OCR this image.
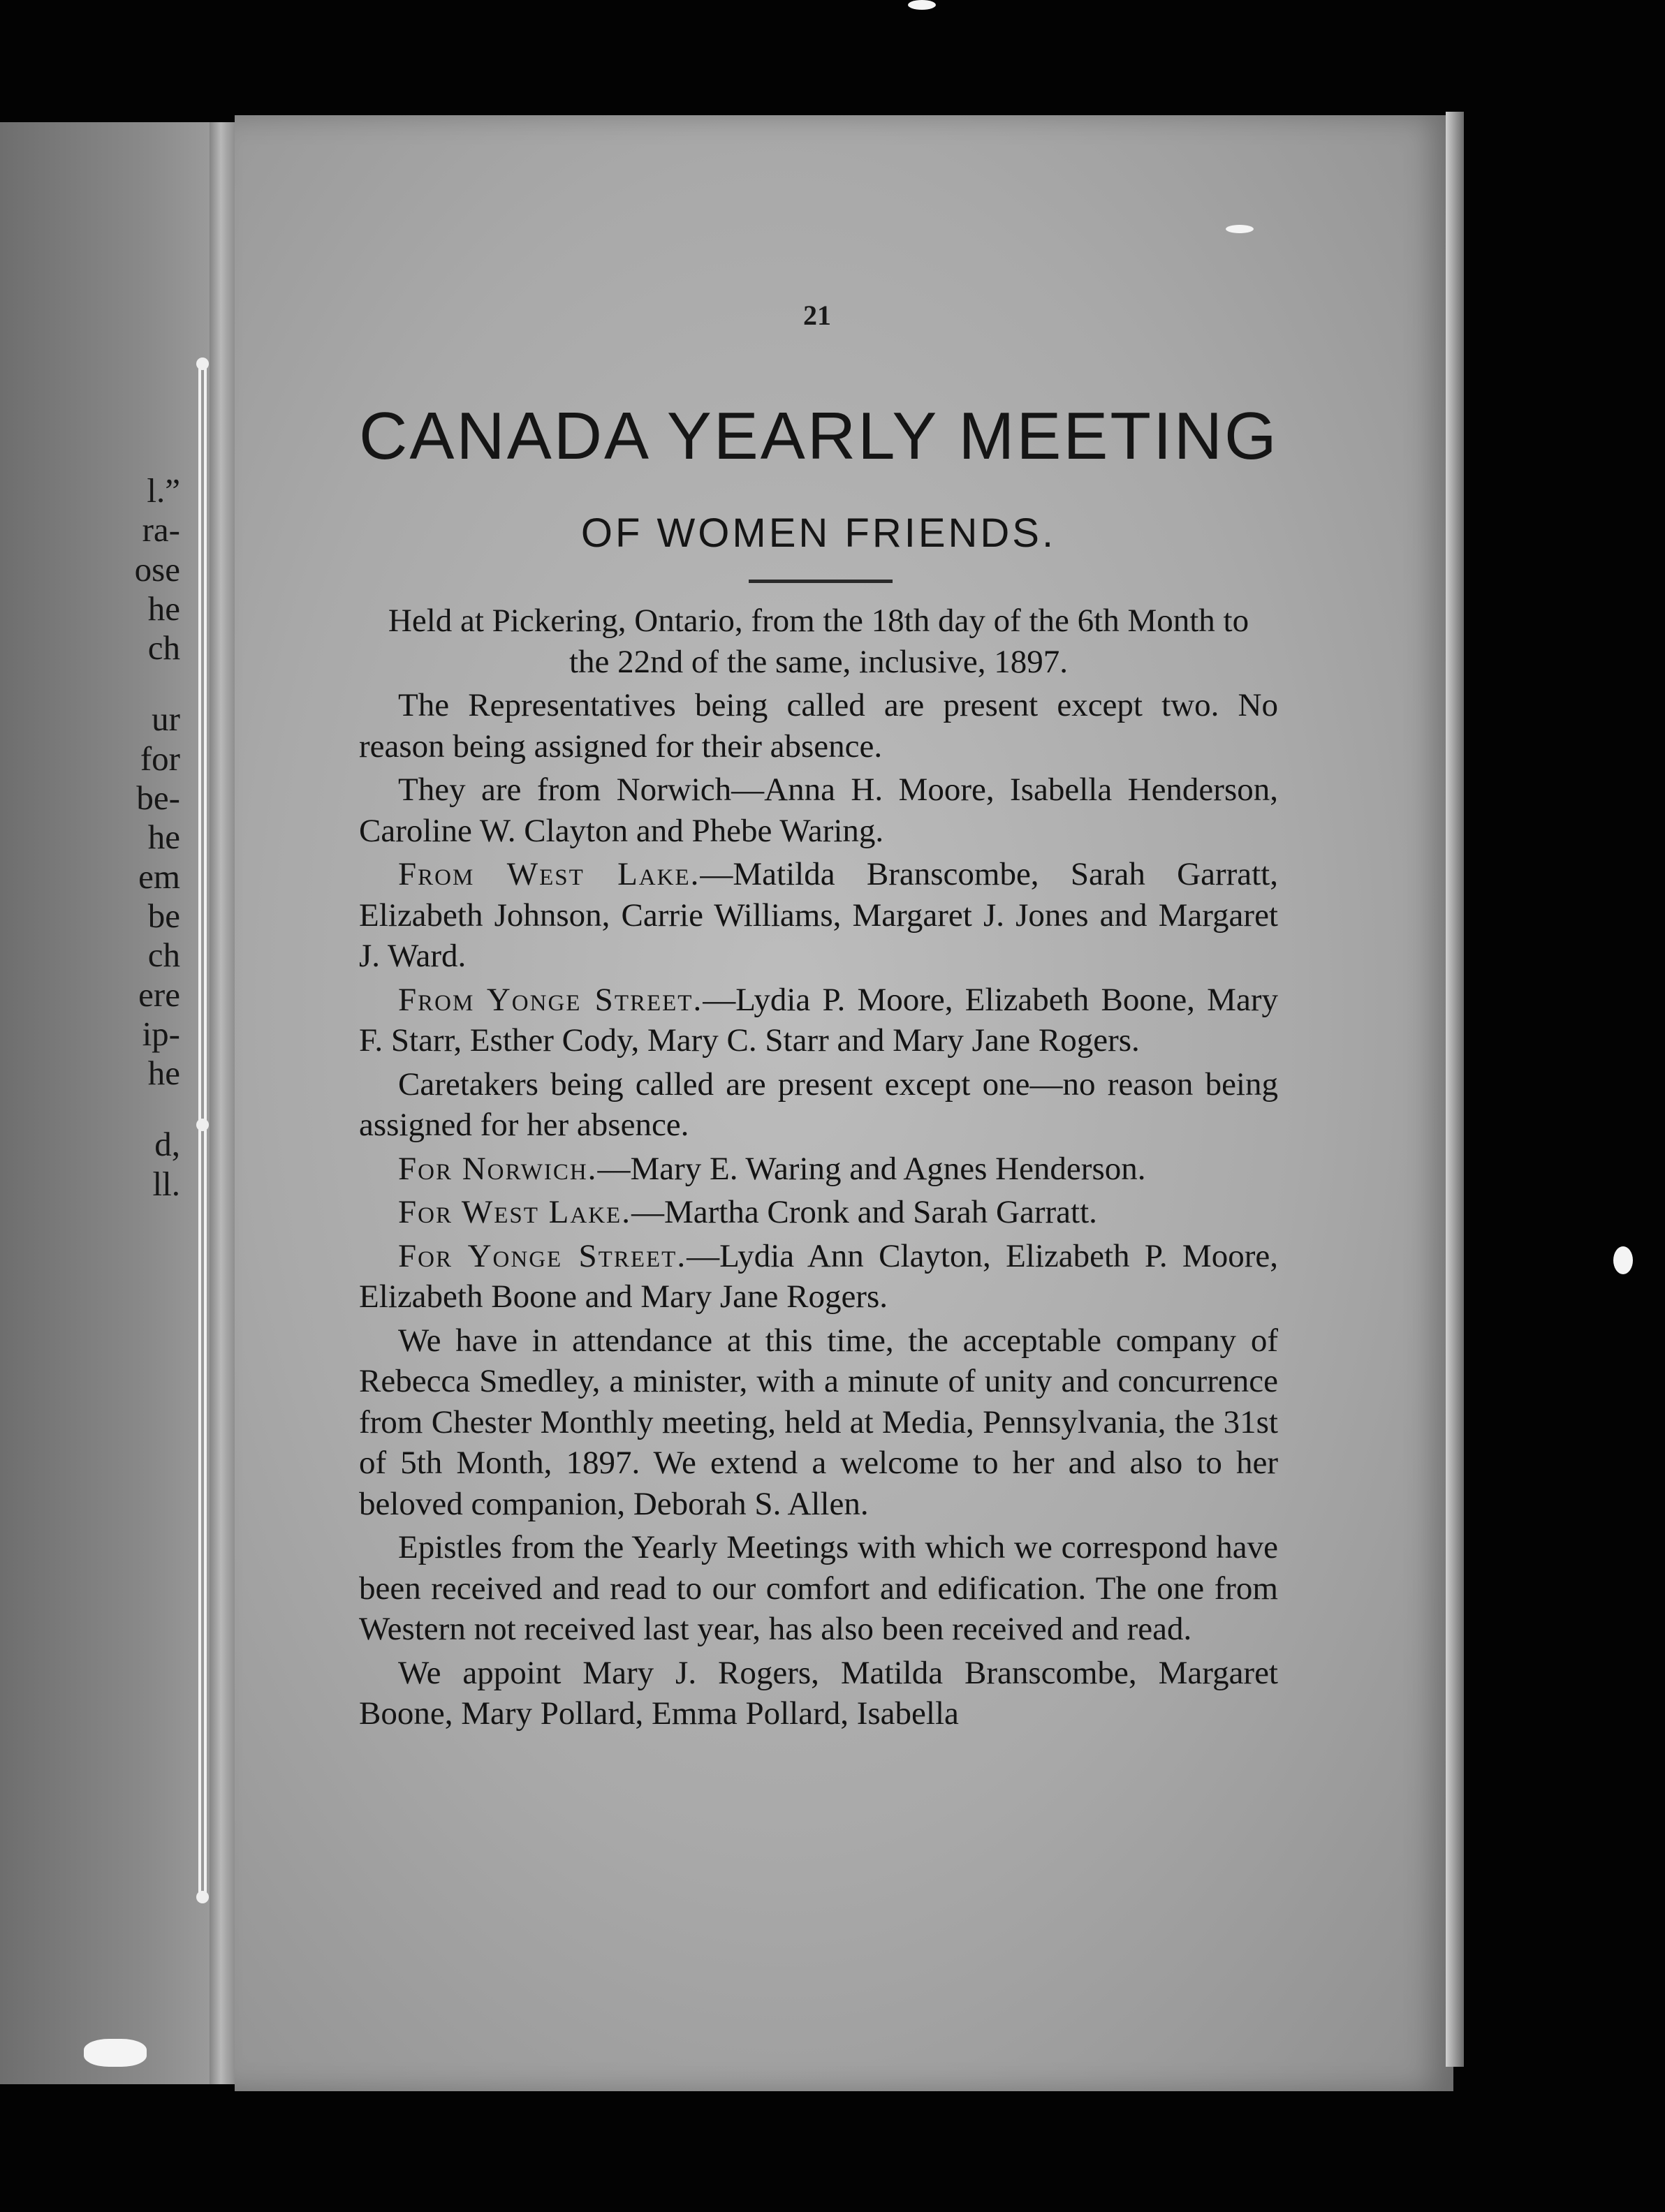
l.”
ra-
ose
he
ch
ur
for
be-
he
em
be
ch
ere
ip-
he
d,
ll.
21
CANADA YEARLY MEETING
OF WOMEN FRIENDS.

Held at Pickering, Ontario, from the 18th day of the 6th Month to the 22nd of the same, inclusive, 1897.

The Representatives being called are present except two. No reason being assigned for their absence.

They are from Norwich—Anna H. Moore, Isabella Henderson, Caroline W. Clayton and Phebe Waring.

From West Lake.—Matilda Branscombe, Sarah Garratt, Elizabeth Johnson, Carrie Williams, Margaret J. Jones and Margaret J. Ward.

From Yonge Street.—Lydia P. Moore, Elizabeth Boone, Mary F. Starr, Esther Cody, Mary C. Starr and Mary Jane Rogers.

Caretakers being called are present except one—no reason being assigned for her absence.

For Norwich.—Mary E. Waring and Agnes Henderson.

For West Lake.—Martha Cronk and Sarah Garratt.

For Yonge Street.—Lydia Ann Clayton, Elizabeth P. Moore, Elizabeth Boone and Mary Jane Rogers.

We have in attendance at this time, the acceptable company of Rebecca Smedley, a minister, with a minute of unity and concurrence from Chester Monthly meeting, held at Media, Pennsylvania, the 31st of 5th Month, 1897. We extend a welcome to her and also to her beloved companion, Deborah S. Allen.

Epistles from the Yearly Meetings with which we correspond have been received and read to our comfort and edification. The one from Western not received last year, has also been received and read.

We appoint Mary J. Rogers, Matilda Branscombe, Margaret Boone, Mary Pollard, Emma Pollard, Isabella
